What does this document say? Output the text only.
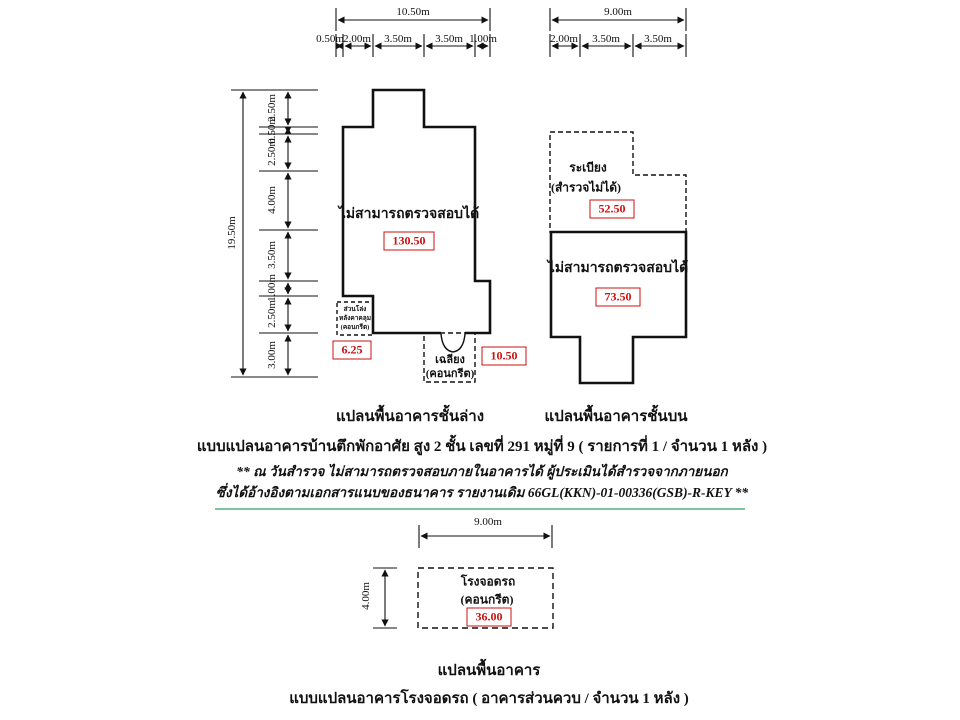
10.50m
0.50m 2.00m 3.50m 3.50m 1.00m
19.50m
2.50m
0.50m
2.50m
4.00m
3.50m
1.00m
2.50m
3.00m
ไม่สามารถตรวจสอบได้
130.50
ส่วนโล่ง
หลังคาคลุม
(คอนกรีต)
6.25
เฉลียง
(คอนกรีต)
10.50
9.00m
2.00m 3.50m 3.50m
ระเบียง
(สำรวจไม่ได้)
52.50
ไม่สามารถตรวจสอบได้
73.50
แปลนพื้นอาคารชั้นล่าง	แปลนพื้นอาคารชั้นบน
แบบแปลนอาคารบ้านตึกพักอาศัย สูง 2 ชั้น เลขที่ 291 หมู่ที่ 9 ( รายการที่ 1 / จำนวน 1 หลัง )
** ณ วันสำรวจ ไม่สามารถตรวจสอบภายในอาคารได้ ผู้ประเมินได้สำรวจจากภายนอก
ซึ่งได้อ้างอิงตามเอกสารแนบของธนาคาร รายงานเดิม 66GL(KKN)-01-00336(GSB)-R-KEY **
9.00m
4.00m
โรงจอดรถ
(คอนกรีต)
36.00
แปลนพื้นอาคาร
แบบแปลนอาคารโรงจอดรถ ( อาคารส่วนควบ / จำนวน 1 หลัง )
